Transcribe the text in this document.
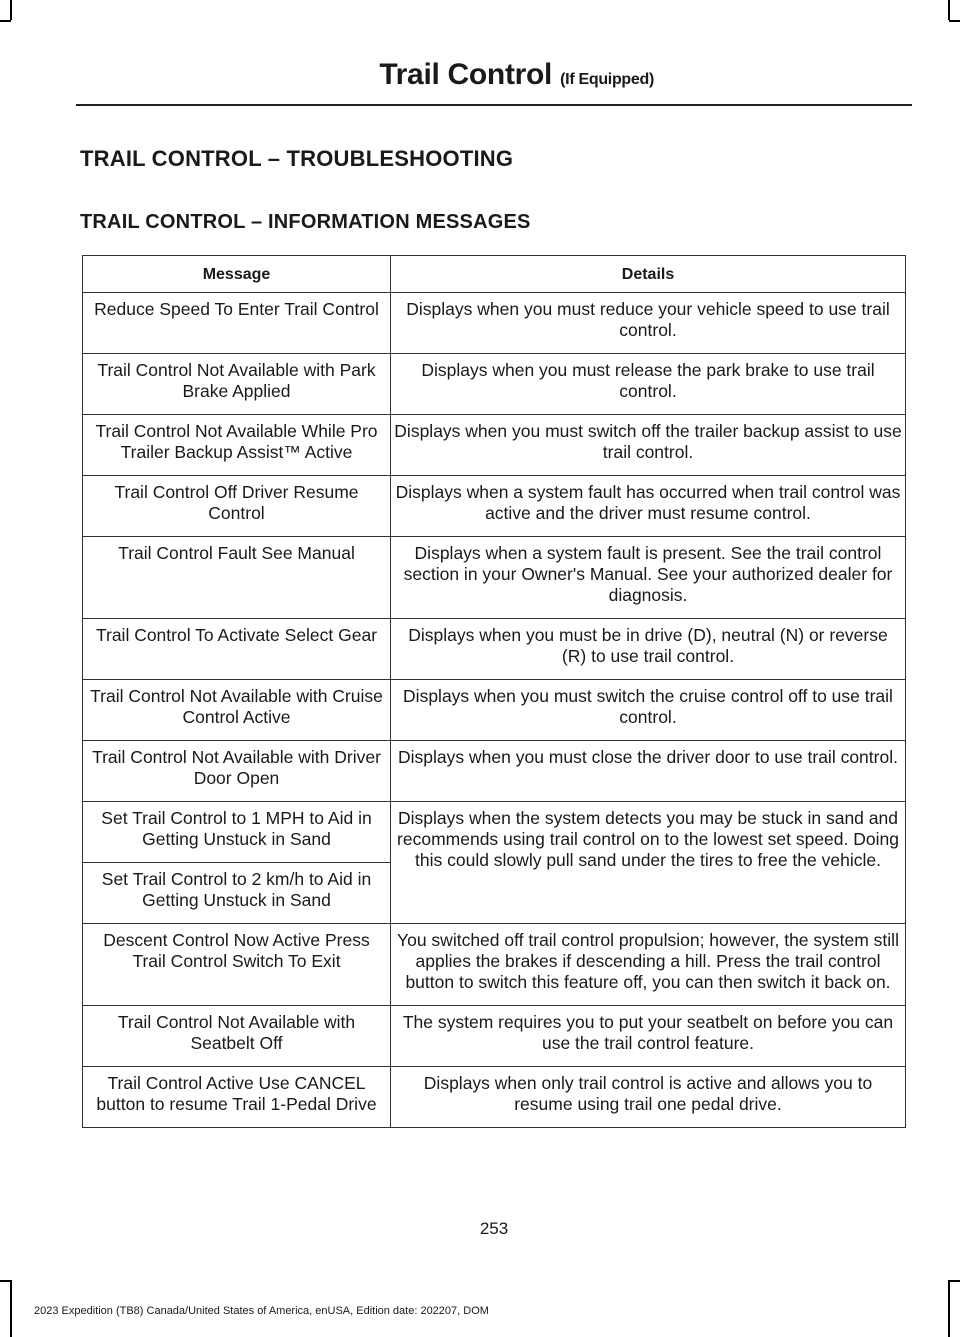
Trail Control (If Equipped)
TRAIL CONTROL – TROUBLESHOOTING
TRAIL CONTROL – INFORMATION MESSAGES
Message	Details
Reduce Speed To Enter Trail Control	Displays when you must reduce your vehicle speed to use trail control.
Trail Control Not Available with Park Brake Applied	Displays when you must release the park brake to use trail control.
Trail Control Not Available While Pro Trailer Backup Assist™ Active	Displays when you must switch off the trailer backup assist to use trail control.
Trail Control Off Driver Resume Control	Displays when a system fault has occurred when trail control was active and the driver must resume control.
Trail Control Fault See Manual	Displays when a system fault is present. See the trail control section in your Owner's Manual. See your authorized dealer for diagnosis.
Trail Control To Activate Select Gear	Displays when you must be in drive (D), neutral (N) or reverse (R) to use trail control.
Trail Control Not Available with Cruise Control Active	Displays when you must switch the cruise control off to use trail control.
Trail Control Not Available with Driver Door Open	Displays when you must close the driver door to use trail control.
Set Trail Control to 1 MPH to Aid in Getting Unstuck in Sand	Displays when the system detects you may be stuck in sand and recommends using trail control on to the lowest set speed. Doing this could slowly pull sand under the tires to free the vehicle.
Set Trail Control to 2 km/h to Aid in Getting Unstuck in Sand	
Descent Control Now Active Press Trail Control Switch To Exit	You switched off trail control propulsion; however, the system still applies the brakes if descending a hill. Press the trail control button to switch this feature off, you can then switch it back on.
Trail Control Not Available with Seatbelt Off	The system requires you to put your seatbelt on before you can use the trail control feature.
Trail Control Active Use CANCEL button to resume Trail 1-Pedal Drive	Displays when only trail control is active and allows you to resume using trail one pedal drive.
253
2023 Expedition (TB8) Canada/United States of America, enUSA, Edition date: 202207, DOM
